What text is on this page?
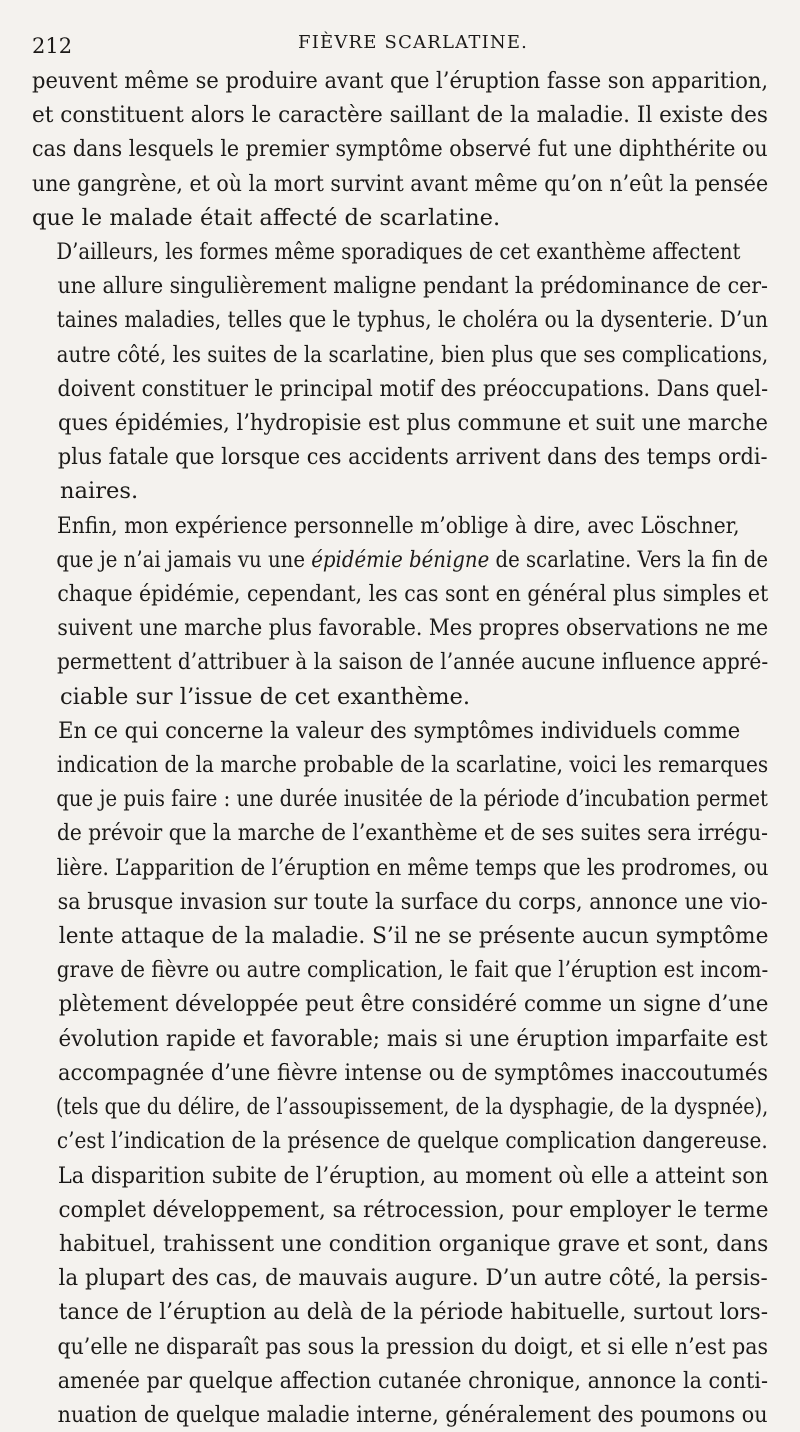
212	FIÈVRE SCARLATINE.

peuvent même se produire avant que l’éruption fasse son apparition,
et constituent alors le caractère saillant de la maladie. Il existe des
cas dans lesquels le premier symptôme observé fut une diphthérite ou
une gangrène, et où la mort survint avant même qu’on n’eût la pensée
que le malade était affecté de scarlatine.

D’ailleurs, les formes même sporadiques de cet exanthème affectent
une allure singulièrement maligne pendant la prédominance de cer-
taines maladies, telles que le typhus, le choléra ou la dysenterie. D’un
autre côté, les suites de la scarlatine, bien plus que ses complications,
doivent constituer le principal motif des préoccupations. Dans quel-
ques épidémies, l’hydropisie est plus commune et suit une marche
plus fatale que lorsque ces accidents arrivent dans des temps ordi-
naires.

Enfin, mon expérience personnelle m’oblige à dire, avec Löschner,
que je n’ai jamais vu une épidémie bénigne de scarlatine. Vers la fin de
chaque épidémie, cependant, les cas sont en général plus simples et
suivent une marche plus favorable. Mes propres observations ne me
permettent d’attribuer à la saison de l’année aucune influence appré-
ciable sur l’issue de cet exanthème.

En ce qui concerne la valeur des symptômes individuels comme
indication de la marche probable de la scarlatine, voici les remarques
que je puis faire : une durée inusitée de la période d’incubation permet
de prévoir que la marche de l’exanthème et de ses suites sera irrégu-
lière. L’apparition de l’éruption en même temps que les prodromes, ou
sa brusque invasion sur toute la surface du corps, annonce une vio-
lente attaque de la maladie. S’il ne se présente aucun symptôme
grave de fièvre ou autre complication, le fait que l’éruption est incom-
plètement développée peut être considéré comme un signe d’une
évolution rapide et favorable; mais si une éruption imparfaite est
accompagnée d’une fièvre intense ou de symptômes inaccoutumés
(tels que du délire, de l’assoupissement, de la dysphagie, de la dyspnée),
c’est l’indication de la présence de quelque complication dangereuse.
La disparition subite de l’éruption, au moment où elle a atteint son
complet développement, sa rétrocession, pour employer le terme
habituel, trahissent une condition organique grave et sont, dans
la plupart des cas, de mauvais augure. D’un autre côté, la persis-
tance de l’éruption au delà de la période habituelle, surtout lors-
qu’elle ne disparaît pas sous la pression du doigt, et si elle n’est pas
amenée par quelque affection cutanée chronique, annonce la conti-
nuation de quelque maladie interne, généralement des poumons ou
